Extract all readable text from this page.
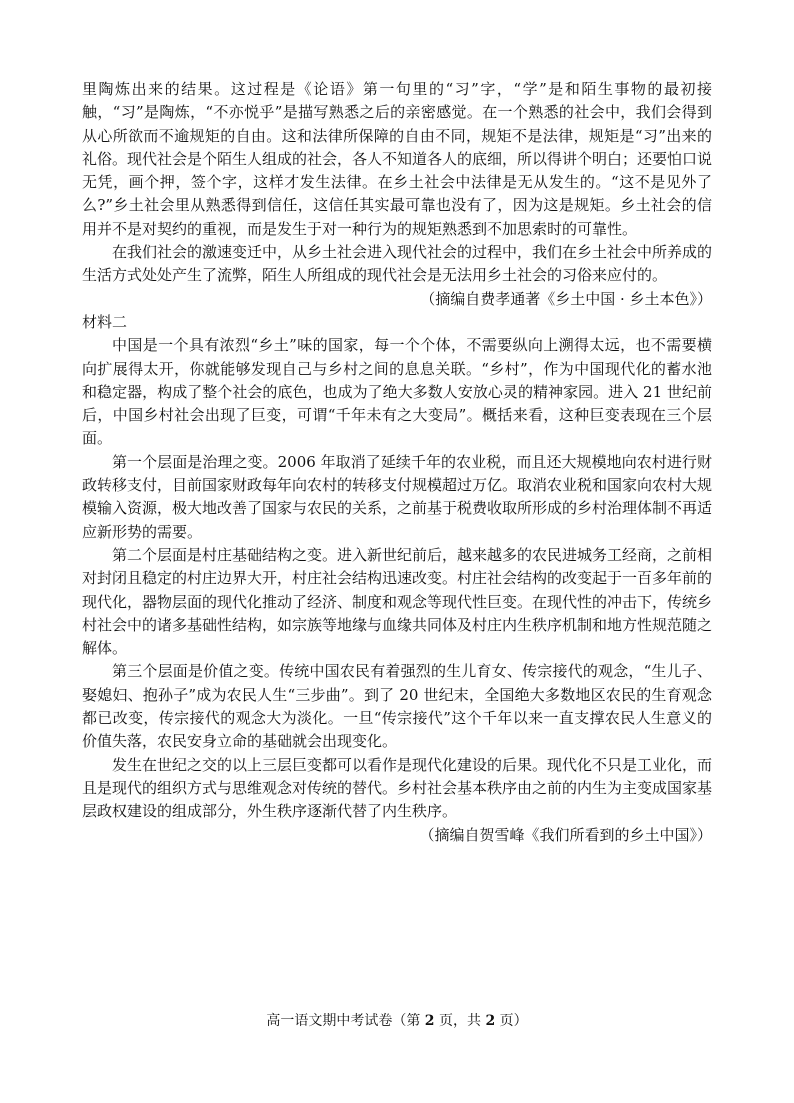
里陶炼出来的结果。这过程是《论语》第一句里的“习”字，“学”是和陌生事物的最初接触，“习”是陶炼，“不亦悦乎”是描写熟悉之后的亲密感觉。在一个熟悉的社会中，我们会得到从心所欲而不逾规矩的自由。这和法律所保障的自由不同，规矩不是法律，规矩是“习”出来的礼俗。现代社会是个陌生人组成的社会，各人不知道各人的底细，所以得讲个明白；还要怕口说无凭，画个押，签个字，这样才发生法律。在乡土社会中法律是无从发生的。“这不是见外了么?”乡土社会里从熟悉得到信任，这信任其实最可靠也没有了，因为这是规矩。乡土社会的信用并不是对契约的重视，而是发生于对一种行为的规矩熟悉到不加思索时的可靠性。

在我们社会的激速变迁中，从乡土社会进入现代社会的过程中，我们在乡土社会中所养成的生活方式处处产生了流弊，陌生人所组成的现代社会是无法用乡土社会的习俗来应付的。

（摘编自费孝通著《乡土中国 · 乡土本色》）

材料二

中国是一个具有浓烈“乡土”味的国家，每一个个体，不需要纵向上溯得太远，也不需要横向扩展得太开，你就能够发现自己与乡村之间的息息关联。“乡村”，作为中国现代化的蓄水池和稳定器，构成了整个社会的底色，也成为了绝大多数人安放心灵的精神家园。进入 21 世纪前后，中国乡村社会出现了巨变，可谓“千年未有之大变局”。概括来看，这种巨变表现在三个层面。

第一个层面是治理之变。2006 年取消了延续千年的农业税，而且还大规模地向农村进行财政转移支付，目前国家财政每年向农村的转移支付规模超过万亿。取消农业税和国家向农村大规模输入资源，极大地改善了国家与农民的关系，之前基于税费收取所形成的乡村治理体制不再适应新形势的需要。

第二个层面是村庄基础结构之变。进入新世纪前后，越来越多的农民进城务工经商，之前相对封闭且稳定的村庄边界大开，村庄社会结构迅速改变。村庄社会结构的改变起于一百多年前的现代化，器物层面的现代化推动了经济、制度和观念等现代性巨变。在现代性的冲击下，传统乡村社会中的诸多基础性结构，如宗族等地缘与血缘共同体及村庄内生秩序机制和地方性规范随之解体。

第三个层面是价值之变。传统中国农民有着强烈的生儿育女、传宗接代的观念，“生儿子、娶媳妇、抱孙子”成为农民人生“三步曲”。到了 20 世纪末，全国绝大多数地区农民的生育观念都已改变，传宗接代的观念大为淡化。一旦“传宗接代”这个千年以来一直支撑农民人生意义的价值失落，农民安身立命的基础就会出现变化。

发生在世纪之交的以上三层巨变都可以看作是现代化建设的后果。现代化不只是工业化，而且是现代的组织方式与思维观念对传统的替代。乡村社会基本秩序由之前的内生为主变成国家基层政权建设的组成部分，外生秩序逐渐代替了内生秩序。

（摘编自贺雪峰《我们所看到的乡土中国》）

高一语文期中考试卷（第 2 页，共 2 页）
